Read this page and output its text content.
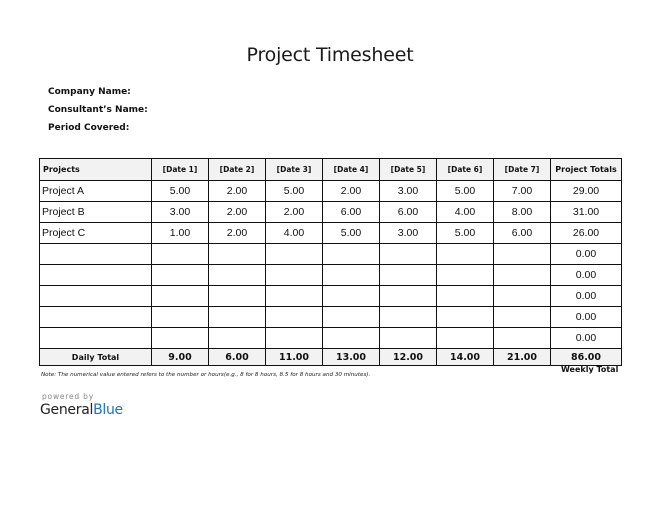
Project Timesheet
Company Name:
Consultant’s Name:
Period Covered:
Projects	[Date 1]	[Date 2]	[Date 3]	[Date 4]	[Date 5]	[Date 6]	[Date 7]	Project Totals
Project A	5.00	2.00	5.00	2.00	3.00	5.00	7.00	29.00
Project B	3.00	2.00	2.00	6.00	6.00	4.00	8.00	31.00
Project C	1.00	2.00	4.00	5.00	3.00	5.00	6.00	26.00
								0.00
								0.00
								0.00
								0.00
								0.00
Daily Total	9.00	6.00	11.00	13.00	12.00	14.00	21.00	86.00
Weekly Total
Note: The numerical value entered refers to the number or hours(e.g., 8 for 8 hours, 8.5 for 8 hours and 30 minutes).
powered by
GeneralBlue
